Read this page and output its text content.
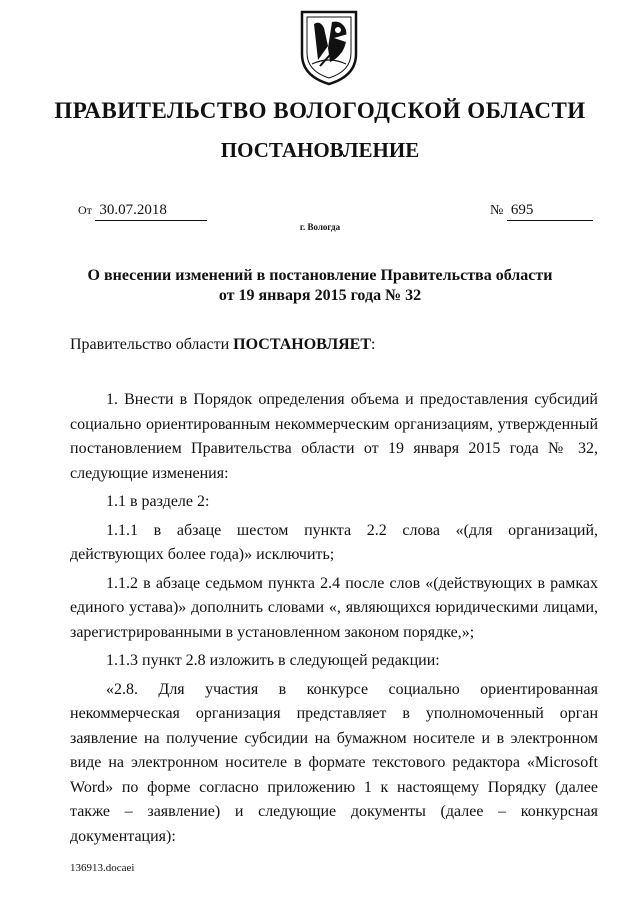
ПРАВИТЕЛЬСТВО ВОЛОГОДСКОЙ ОБЛАСТИ
ПОСТАНОВЛЕНИЕ
От 30.07.2018	№ 695
г. Вологда
О внесении изменений в постановление Правительства области
от 19 января 2015 года № 32
Правительство области ПОСТАНОВЛЯЕТ:

1. Внести в Порядок определения объема и предоставления субсидий социально ориентированным некоммерческим организациям, утвержденный постановлением Правительства области от 19 января 2015 года № 32, следующие изменения:

1.1 в разделе 2:

1.1.1 в абзаце шестом пункта 2.2 слова «(для организаций, действующих более года)» исключить;

1.1.2 в абзаце седьмом пункта 2.4 после слов «(действующих в рамках единого устава)» дополнить словами «, являющихся юридическими лицами, зарегистрированными в установленном законом порядке,»;

1.1.3 пункт 2.8 изложить в следующей редакции:

«2.8. Для участия в конкурсе социально ориентированная некоммерческая организация представляет в уполномоченный орган заявление на получение субсидии на бумажном носителе и в электронном виде на электронном носителе в формате текстового редактора «Microsoft Word» по форме согласно приложению 1 к настоящему Порядку (далее также – заявление) и следующие документы (далее – конкурсная документация):

136913.docaei
